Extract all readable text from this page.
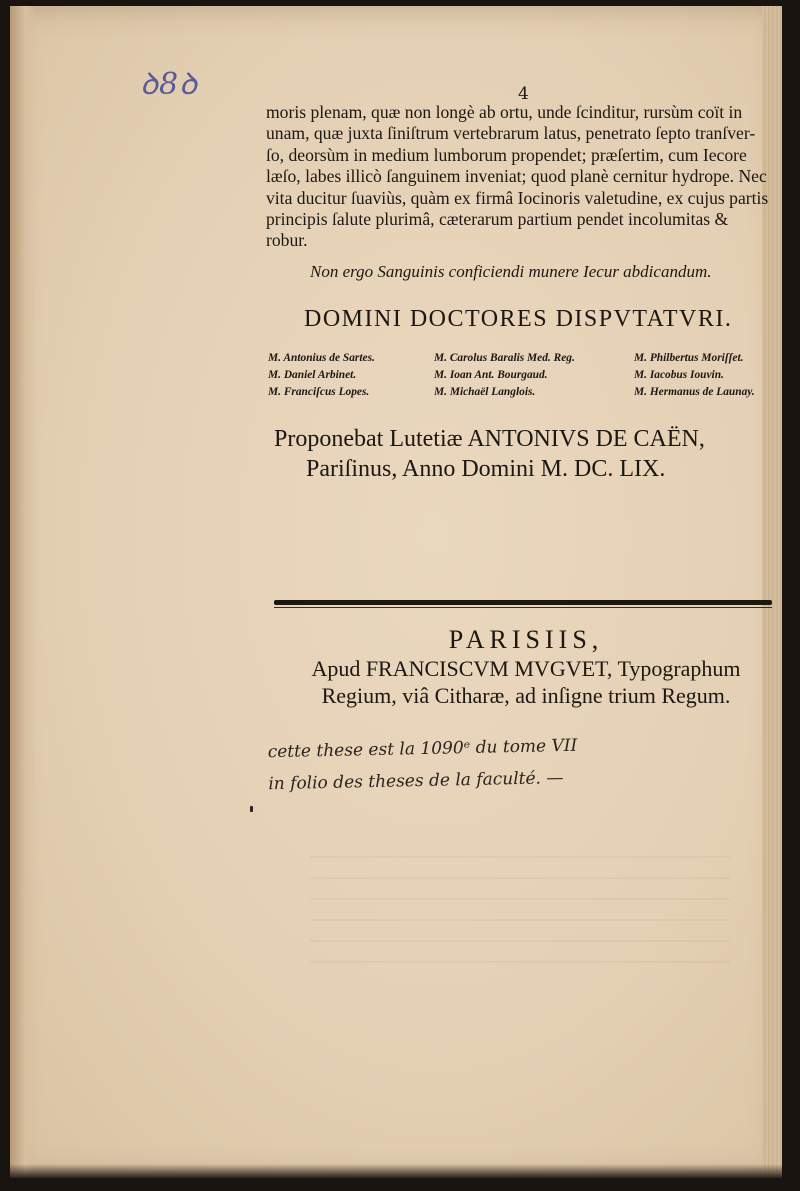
ꝺ8ꝺ	4
moris plenam, quæ non longè ab ortu, unde ſcinditur, rursùm coït in
unam, quæ juxta ſiniſtrum vertebrarum latus, penetrato ſepto tranſver-
ſo, deorsùm in medium lumborum propendet; præſertim, cum Iecore
læſo, labes illicò ſanguinem inveniat; quod planè cernitur hydrope. Nec
vita ducitur ſuaviùs, quàm ex firmâ Iocinoris valetudine, ex cujus partis
principis ſalute plurimâ, cæterarum partium pendet incolumitas &
robur.
Non ergo Sanguinis conficiendi munere Iecur abdicandum.
DOMINI DOCTORES DISPVTATVRI.
M. Antonius de Sartes.	M. Carolus Baralis Med. Reg.	M. Philbertus Moriſſet.
M. Daniel Arbinet.	M. Ioan Ant. Bourgaud.	M. Iacobus Iouvin.
M. Franciſcus Lopes.	M. Michaël Langlois.	M. Hermanus de Launay.
Proponebat Lutetiæ ANTONIVS DE CAËN,
Pariſinus, Anno Domini M. DC. LIX.
PARISIIS,
Apud FRANCISCVM MVGVET, Typographum
Regium, viâ Citharæ, ad inſigne trium Regum.
cette these est la 1090ᵉ du tome VII
in folio des theses de la faculté. —
